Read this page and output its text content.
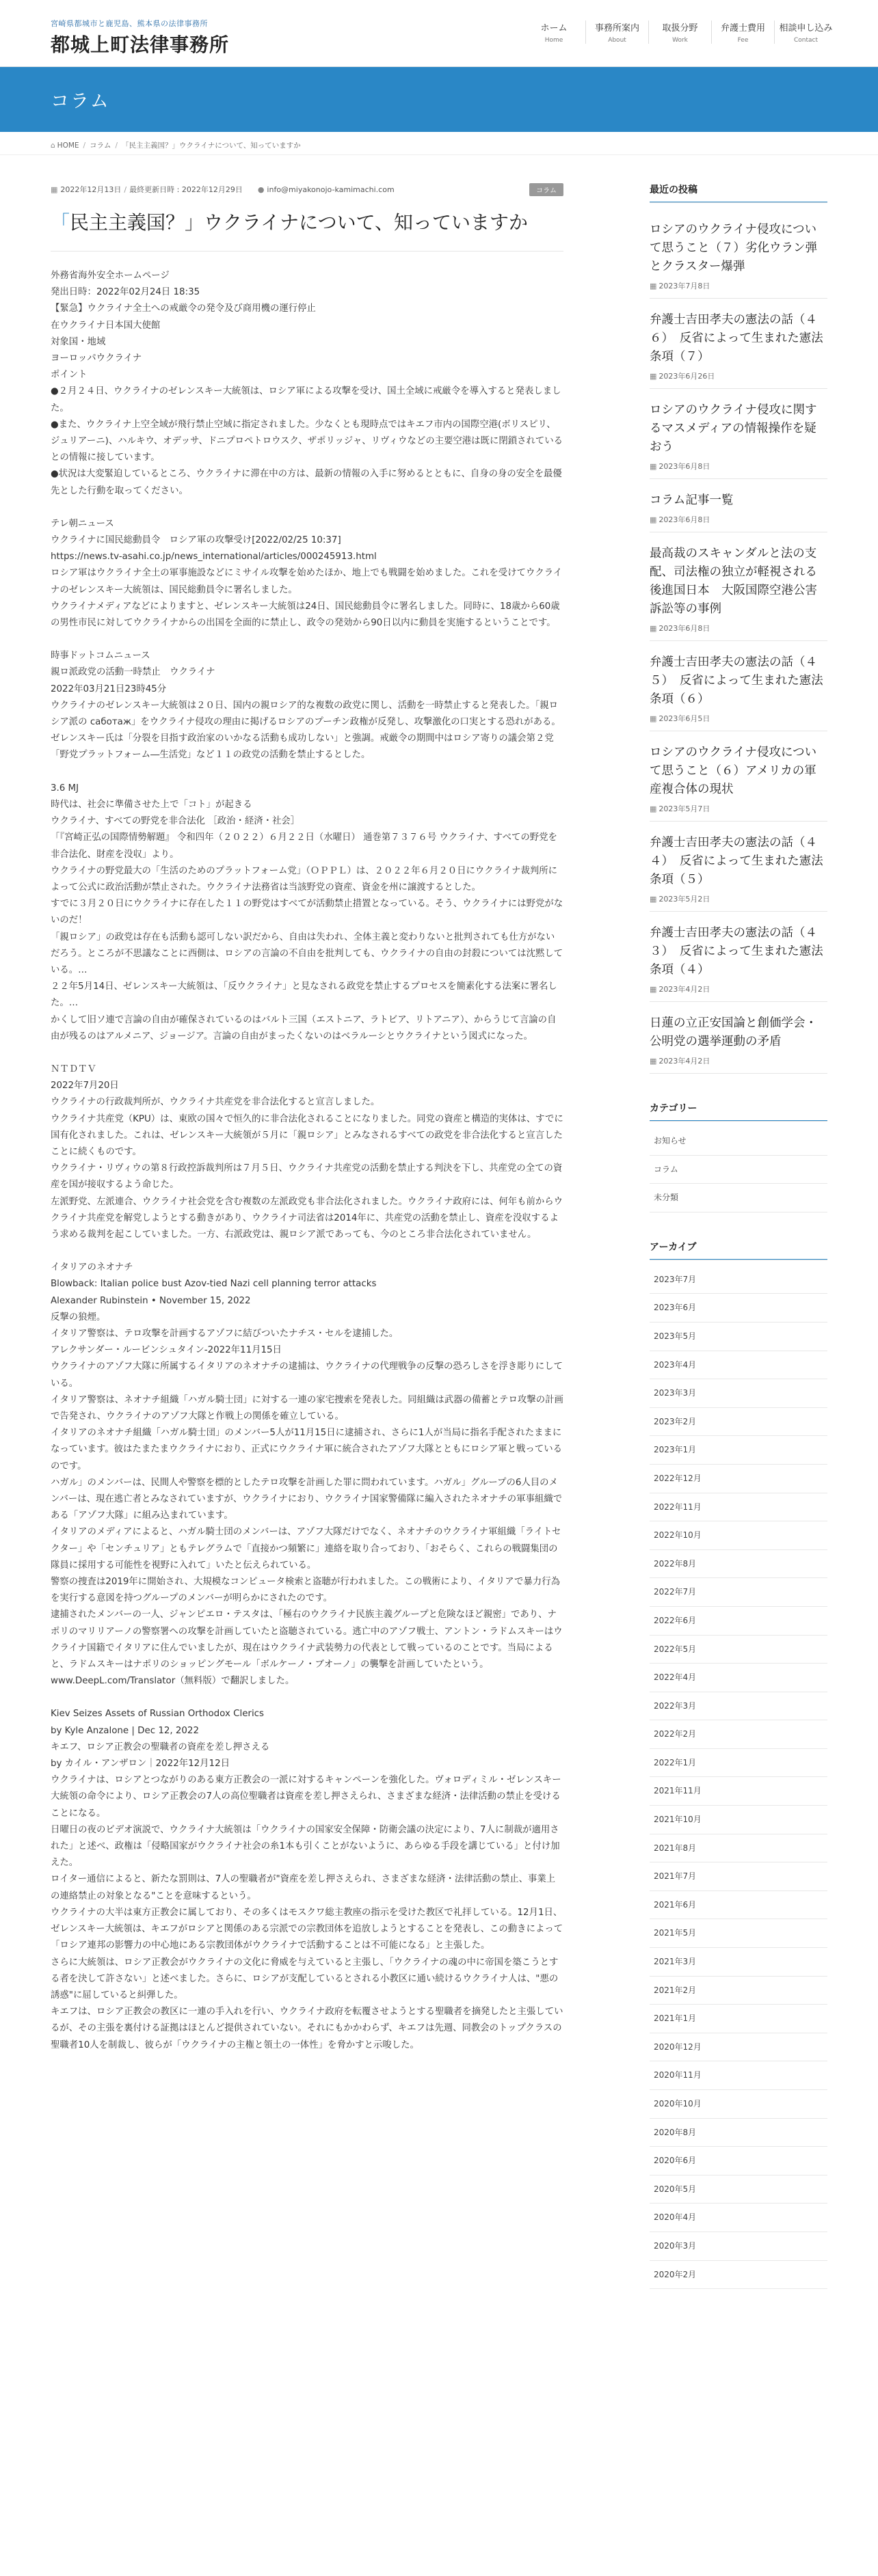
宮崎県都城市と鹿児島、熊本県の法律事務所
都城上町法律事務所
ホーム
Home
事務所案内
About
取扱分野
Work
弁護士費用
Fee
相談申し込み
Contact
コラム
⌂ HOME / コラム / 「民主主義国？」ウクライナについて、知っていますか
▦ 2022年12月13日 / 最終更新日時 : 2022年12月29日 ● info@miyakonojo-kamimachi.com	コラム
「民主主義国？」ウクライナについて、知っていますか

外務省海外安全ホームページ

発出日時：2022年02月24日 18:35

【緊急】ウクライナ全土への戒厳令の発令及び商用機の運行停止

在ウクライナ日本国大使館

対象国・地域

ヨーロッパウクライナ

ポイント

●２月２４日、ウクライナのゼレンスキー大統領は、ロシア軍による攻撃を受け、国土全域に戒厳令を導入すると発表しました。

●また、ウクライナ上空全域が飛行禁止空域に指定されました。少なくとも現時点ではキエフ市内の国際空港(ボリスピリ、ジュリアーニ)、ハルキウ、オデッサ、ドニプロペトロウスク、ザポリッジャ、リヴィウなどの主要空港は既に閉鎖されているとの情報に接しています。

●状況は大変緊迫しているところ、ウクライナに滞在中の方は、最新の情報の入手に努めるとともに、自身の身の安全を最優先とした行動を取ってください。

テレ朝ニュース

ウクライナに国民総動員令　ロシア軍の攻撃受け[2022/02/25 10:37]

https://news.tv-asahi.co.jp/news_international/articles/000245913.html

ロシア軍はウクライナ全土の軍事施設などにミサイル攻撃を始めたほか、地上でも戦闘を始めました。これを受けてウクライナのゼレンスキー大統領は、国民総動員令に署名しました。

ウクライナメディアなどによりますと、ゼレンスキー大統領は24日、国民総動員令に署名しました。同時に、18歳から60歳の男性市民に対してウクライナからの出国を全面的に禁止し、政令の発効から90日以内に動員を実施するということです。

時事ドットコムニュース

親ロ派政党の活動一時禁止　ウクライナ

2022年03月21日23時45分

ウクライナのゼレンスキー大統領は２０日、国内の親ロシア的な複数の政党に関し、活動を一時禁止すると発表した。「親ロシア派の саботаж」をウクライナ侵攻の理由に掲げるロシアのプーチン政権が反発し、攻撃激化の口実とする恐れがある。

ゼレンスキー氏は「分裂を目指す政治家のいかなる活動も成功しない」と強調。戒厳令の期間中はロシア寄りの議会第２党「野党プラットフォーム―生活党」など１１の政党の活動を禁止するとした。

3.6 MJ

時代は、社会に準備させた上で「コト」が起きる

ウクライナ、すべての野党を非合法化 ［政治・経済・社会］

「『宮崎正弘の国際情勢解題』 令和四年（２０２２）６月２２日（水曜日） 通巻第７３７６号 ウクライナ、すべての野党を非合法化、財産を没収」より。

ウクライナの野党最大の「生活のためのプラットフォーム党」（ＯＰＰＬ）は、２０２２年６月２０日にウクライナ裁判所によって公式に政治活動が禁止された。ウクライナ法務省は当該野党の資産、資金を州に譲渡するとした。

すでに３月２０日にウクライナに存在した１１の野党はすべてが活動禁止措置となっている。そう、ウクライナには野党がないのだ！

「親ロシア」の政党は存在も活動も認可しない訳だから、自由は失われ、全体主義と変わりないと批判されても仕方がないだろう。ところが不思議なことに西側は、ロシアの言論の不自由を批判しても、ウクライナの自由の封殺については沈黙している。…

２２年5月14日、ゼレンスキー大統領は、「反ウクライナ」と見なされる政党を禁止するプロセスを簡素化する法案に署名した。…

かくして旧ソ連で言論の自由が確保されているのはバルト三国（エストニア、ラトビア、リトアニア）、からうじて言論の自由が残るのはアルメニア、ジョージア。言論の自由がまったくないのはベラルーシとウクライナという図式になった。

ＮＴＤＴＶ

2022年7月20日

ウクライナの行政裁判所が、ウクライナ共産党を非合法化すると宣言しました。

ウクライナ共産党（KPU）は、東欧の国々で恒久的に非合法化されることになりました。同党の資産と構造的実体は、すでに国有化されました。これは、ゼレンスキー大統領が５月に「親ロシア」とみなされるすべての政党を非合法化すると宣言したことに続くものです。

ウクライナ・リヴィウの第８行政控訴裁判所は７月５日、ウクライナ共産党の活動を禁止する判決を下し、共産党の全ての資産を国が接収するよう命じた。

左派野党、左派連合、ウクライナ社会党を含む複数の左派政党も非合法化されました。ウクライナ政府には、何年も前からウクライナ共産党を解党しようとする動きがあり、ウクライナ司法省は2014年に、共産党の活動を禁止し、資産を没収するよう求める裁判を起こしていました。一方、右派政党は、親ロシア派であっても、今のところ非合法化されていません。

イタリアのネオナチ

Blowback: Italian police bust Azov-tied Nazi cell planning terror attacks

Alexander Rubinstein • November 15, 2022

反撃の狼煙。

イタリア警察は、テロ攻撃を計画するアゾフに結びついたナチス・セルを逮捕した。

アレクサンダー・ルービンシュタイン-2022年11月15日

ウクライナのアゾフ大隊に所属するイタリアのネオナチの逮捕は、ウクライナの代理戦争の反撃の恐ろしさを浮き彫りにしている。

イタリア警察は、ネオナチ組織「ハガル騎士団」に対する一連の家宅捜索を発表した。同組織は武器の備蓄とテロ攻撃の計画で告発され、ウクライナのアゾフ大隊と作戦上の関係を確立している。

イタリアのネオナチ組織「ハガル騎士団」のメンバー5人が11月15日に逮捕され、さらに1人が当局に指名手配されたままになっています。彼はたまたまウクライナにおり、正式にウクライナ軍に統合されたアゾフ大隊とともにロシア軍と戦っているのです。

ハガル」のメンバーは、民間人や警察を標的としたテロ攻撃を計画した罪に問われています。ハガル」グループの6人目のメンバーは、現在逃亡者とみなされていますが、ウクライナにおり、ウクライナ国家警備隊に編入されたネオナチの軍事組織である「アゾフ大隊」に組み込まれています。

イタリアのメディアによると、ハガル騎士団のメンバーは、アゾフ大隊だけでなく、ネオナチのウクライナ軍組織「ライトセクター」や「センチュリア」ともテレグラムで「直接かつ頻繁に」連絡を取り合っており、「おそらく、これらの戦闘集団の隊員に採用する可能性を視野に入れて」いたと伝えられている。

警察の捜査は2019年に開始され、大規模なコンピュータ検索と盗聴が行われました。この戦術により、イタリアで暴力行為を実行する意図を持つグループのメンバーが明らかにされたのです。

逮捕されたメンバーの一人、ジャンピエロ・テスタは、「極右のウクライナ民族主義グループと危険なほど親密」であり、ナポリのマリリアーノの警察署への攻撃を計画していたと盗聴されている。逃亡中のアゾフ戦士、アントン・ラドムスキーはウクライナ国籍でイタリアに住んでいましたが、現在はウクライナ武装勢力の代表として戦っているのことです。当局によると、ラドムスキーはナポリのショッピングモール「ボルケーノ・ブオーノ」の襲撃を計画していたという。

www.DeepL.com/Translator（無料版）で翻訳しました。

Kiev Seizes Assets of Russian Orthodox Clerics

by Kyle Anzalone | Dec 12, 2022

キエフ、ロシア正教会の聖職者の資産を差し押さえる

by カイル・アンザロン｜2022年12月12日

ウクライナは、ロシアとつながりのある東方正教会の一派に対するキャンペーンを強化した。ヴォロディミル・ゼレンスキー大統領の命令により、ロシア正教会の7人の高位聖職者は資産を差し押さえられ、さまざまな経済・法律活動の禁止を受けることになる。

日曜日の夜のビデオ演説で、ウクライナ大統領は「ウクライナの国家安全保障・防衛会議の決定により、7人に制裁が適用された」と述べ、政権は「侵略国家がウクライナ社会の糸1本も引くことがないように、あらゆる手段を講じている」と付け加えた。

ロイター通信によると、新たな罰則は、7人の聖職者が"資産を差し押さえられ、さまざまな経済・法律活動の禁止、事業上の連絡禁止の対象となる"ことを意味するという。

ウクライナの大半は東方正教会に属しており、その多くはモスクワ総主教座の指示を受けた教区で礼拝している。12月1日、ゼレンスキー大統領は、キエフがロシアと関係のある宗派での宗教団体を追放しようとすることを発表し、この動きによって「ロシア連邦の影響力の中心地にある宗教団体がウクライナで活動することは不可能になる」と主張した。

さらに大統領は、ロシア正教会がウクライナの文化に脅威を与えていると主張し、「ウクライナの魂の中に帝国を築こうとする者を決して許さない」と述べました。さらに、ロシアが支配しているとされる小教区に通い続けるウクライナ人は、"悪の誘惑"に屈していると糾弾した。

キエフは、ロシア正教会の教区に一連の手入れを行い、ウクライナ政府を転覆させようとする聖職者を摘発したと主張しているが、その主張を裏付ける証拠はほとんど提供されていない。それにもかかわらず、キエフは先週、同教会のトップクラスの聖職者10人を制裁し、彼らが「ウクライナの主権と領土の一体性」を脅かすと示唆した。

最近の投稿
ロシアのウクライナ侵攻について思うこと（７）劣化ウラン弾とクラスター爆弾
▦ 2023年7月8日
弁護士吉田孝夫の憲法の話（４６）　反省によって生まれた憲法条項（７）
▦ 2023年6月26日
ロシアのウクライナ侵攻に関するマスメディアの情報操作を疑おう
▦ 2023年6月8日
コラム記事一覧
▦ 2023年6月8日
最高裁のスキャンダルと法の支配、司法権の独立が軽視される後進国日本　大阪国際空港公害訴訟等の事例
▦ 2023年6月8日
弁護士吉田孝夫の憲法の話（４５）　反省によって生まれた憲法条項（６）
▦ 2023年6月5日
ロシアのウクライナ侵攻について思うこと（６）アメリカの軍産複合体の現状
▦ 2023年5月7日
弁護士吉田孝夫の憲法の話（４４）　反省によって生まれた憲法条項（５）
▦ 2023年5月2日
弁護士吉田孝夫の憲法の話（４３）　反省によって生まれた憲法条項（４）
▦ 2023年4月2日
日蓮の立正安国論と創価学会・公明党の選挙運動の矛盾
▦ 2023年4月2日
カテゴリー
お知らせ
コラム
未分類
アーカイブ
2023年7月
2023年6月
2023年5月
2023年4月
2023年3月
2023年2月
2023年1月
2022年12月
2022年11月
2022年10月
2022年8月
2022年7月
2022年6月
2022年5月
2022年4月
2022年3月
2022年2月
2022年1月
2021年11月
2021年10月
2021年8月
2021年7月
2021年6月
2021年5月
2021年3月
2021年2月
2021年1月
2020年12月
2020年11月
2020年10月
2020年8月
2020年6月
2020年5月
2020年4月
2020年3月
2020年2月
